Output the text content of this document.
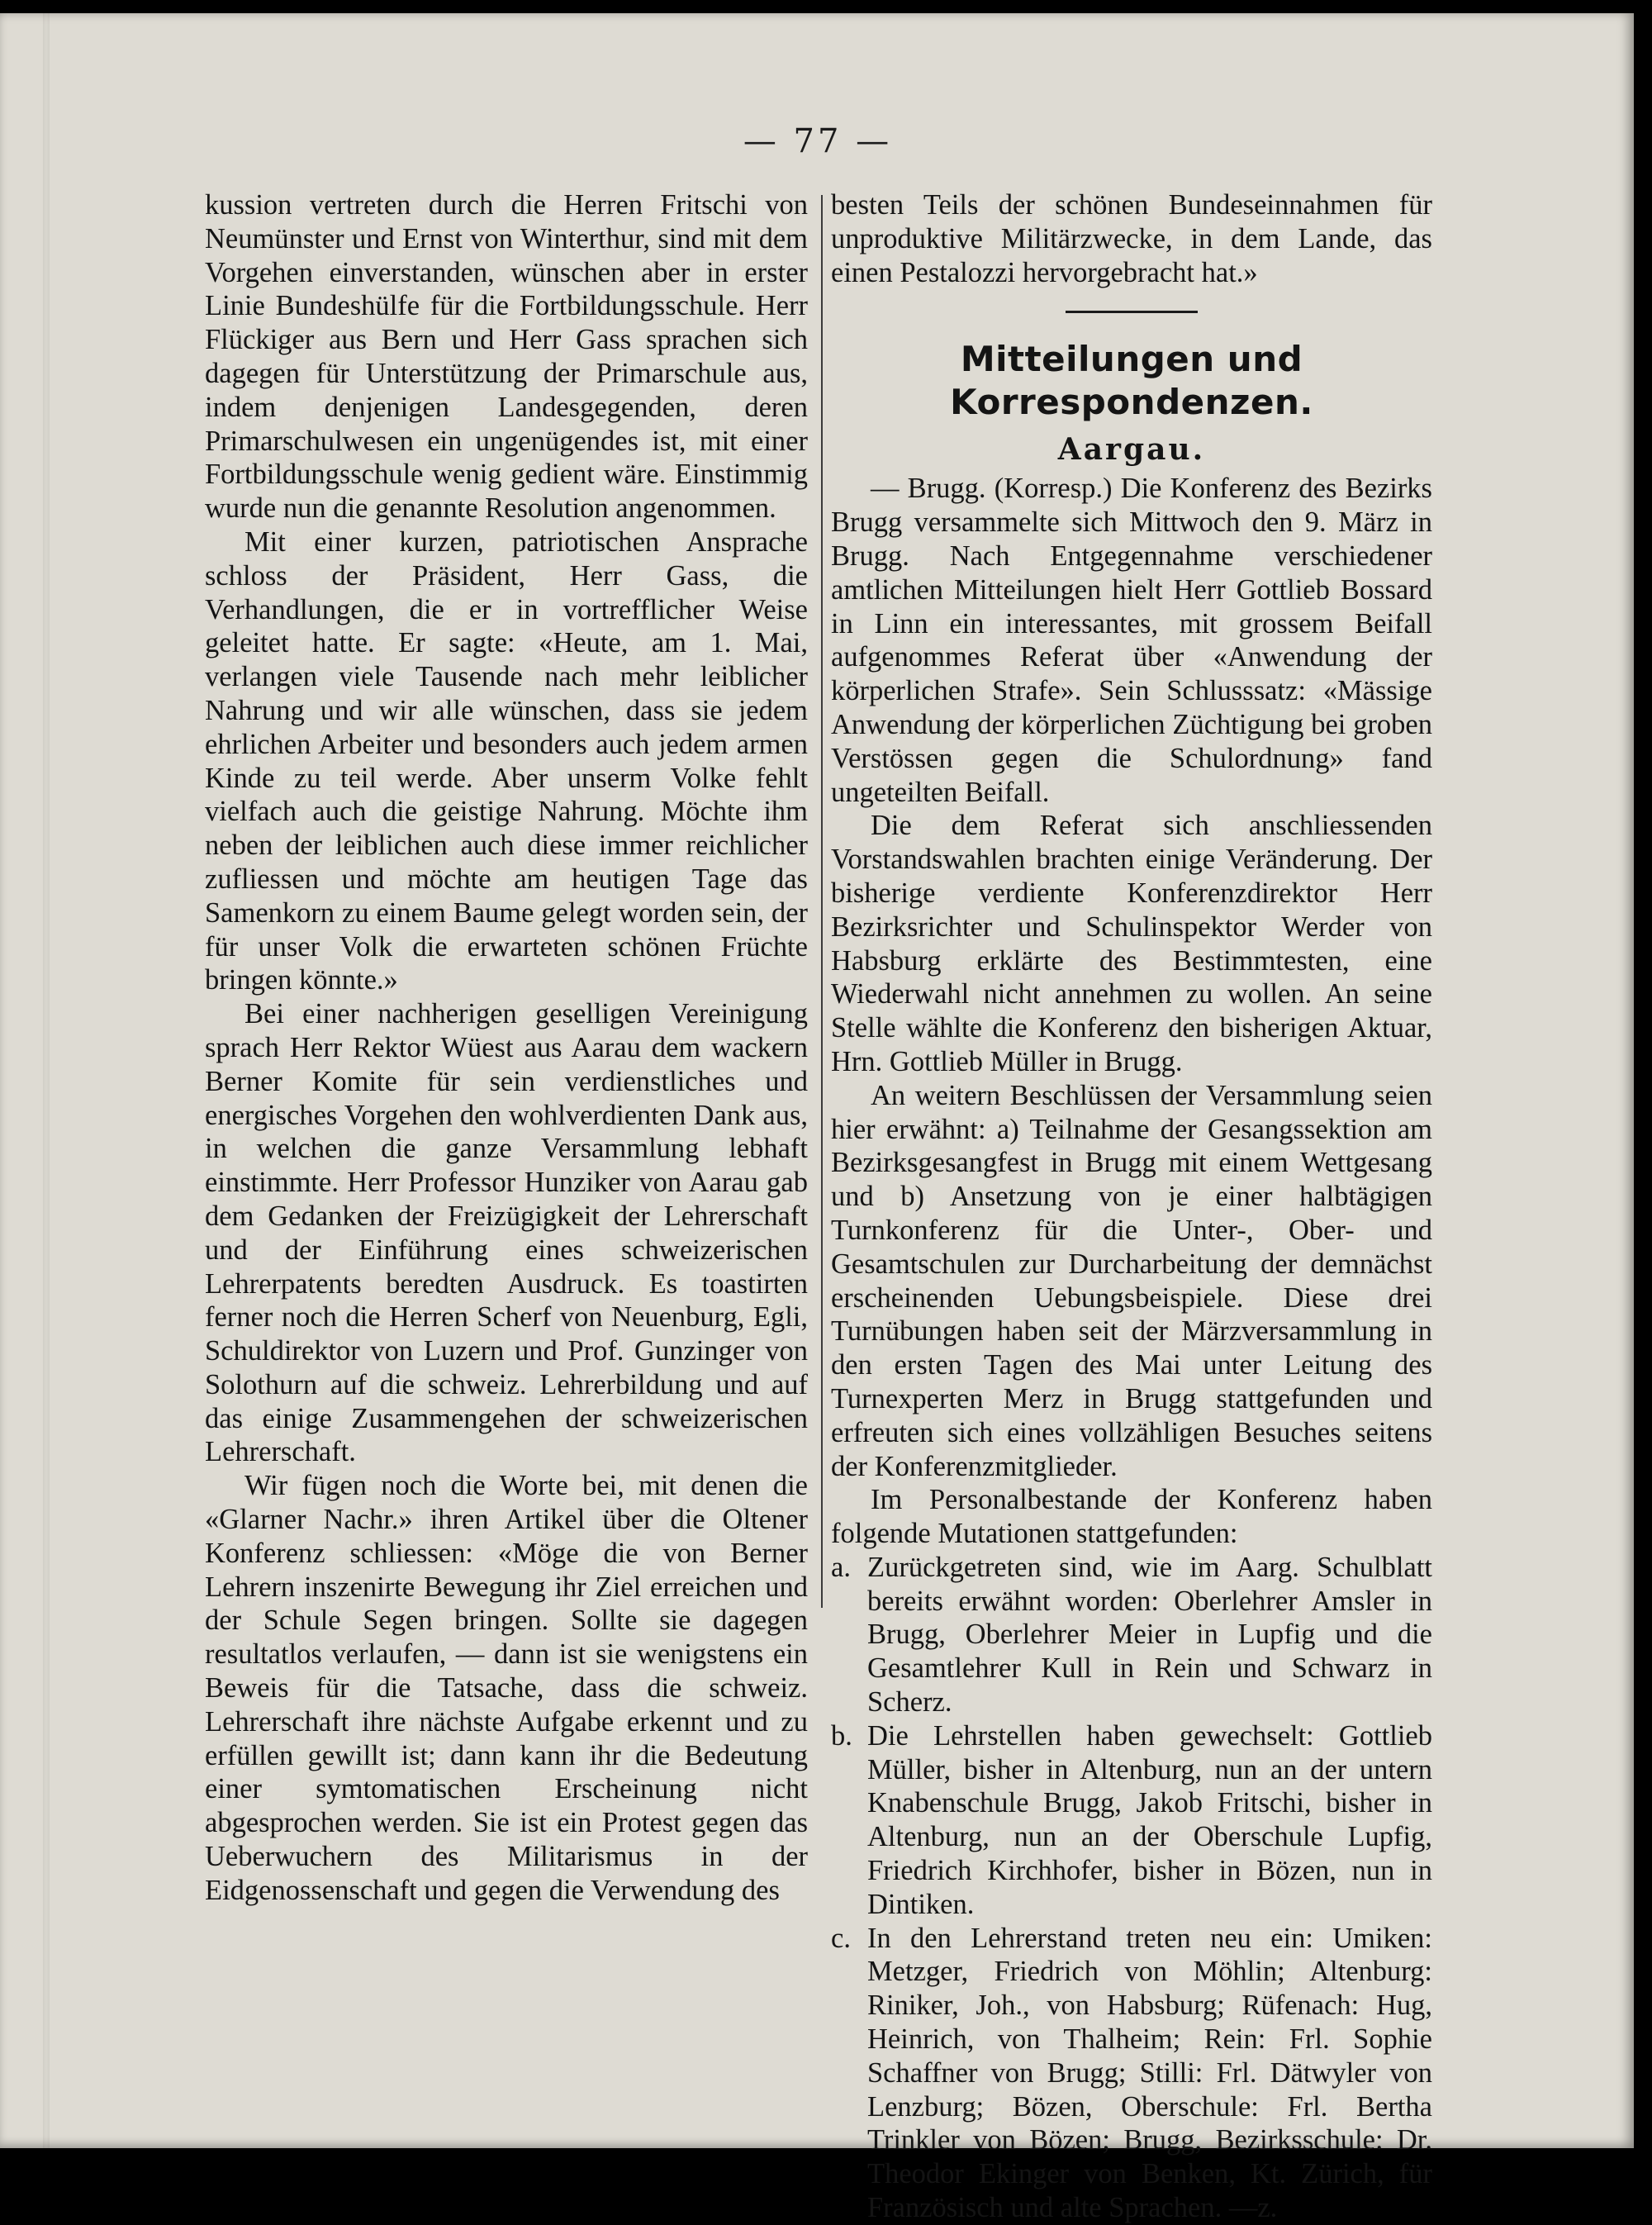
— 77 —

kussion vertreten durch die Herren Fritschi von Neumünster und Ernst von Winterthur, sind mit dem Vorgehen einverstanden, wünschen aber in erster Linie Bundeshülfe für die Fortbildungsschule. Herr Flückiger aus Bern und Herr Gass sprachen sich dagegen für Unterstützung der Primarschule aus, indem denjenigen Landesgegenden, deren Primarschulwesen ein ungenügendes ist, mit einer Fortbildungsschule wenig gedient wäre. Einstimmig wurde nun die genannte Resolution angenommen.

Mit einer kurzen, patriotischen Ansprache schloss der Präsident, Herr Gass, die Verhandlungen, die er in vortrefflicher Weise geleitet hatte. Er sagte: «Heute, am 1. Mai, verlangen viele Tausende nach mehr leiblicher Nahrung und wir alle wünschen, dass sie jedem ehrlichen Arbeiter und besonders auch jedem armen Kinde zu teil werde. Aber unserm Volke fehlt vielfach auch die geistige Nahrung. Möchte ihm neben der leiblichen auch diese immer reichlicher zufliessen und möchte am heutigen Tage das Samenkorn zu einem Baume gelegt worden sein, der für unser Volk die erwarteten schönen Früchte bringen könnte.»

Bei einer nachherigen geselligen Vereinigung sprach Herr Rektor Wüest aus Aarau dem wackern Berner Komite für sein verdienstliches und energisches Vorgehen den wohlverdienten Dank aus, in welchen die ganze Versammlung lebhaft einstimmte. Herr Professor Hunziker von Aarau gab dem Gedanken der Freizügigkeit der Lehrerschaft und der Einführung eines schweizerischen Lehrerpatents beredten Ausdruck. Es toastirten ferner noch die Herren Scherf von Neuenburg, Egli, Schuldirektor von Luzern und Prof. Gunzinger von Solothurn auf die schweiz. Lehrerbildung und auf das einige Zusammengehen der schweizerischen Lehrerschaft.

Wir fügen noch die Worte bei, mit denen die «Glarner Nachr.» ihren Artikel über die Oltener Konferenz schliessen: «Möge die von Berner Lehrern inszenirte Bewegung ihr Ziel erreichen und der Schule Segen bringen. Sollte sie dagegen resultatlos verlaufen, — dann ist sie wenigstens ein Beweis für die Tatsache, dass die schweiz. Lehrerschaft ihre nächste Aufgabe erkennt und zu erfüllen gewillt ist; dann kann ihr die Bedeutung einer symtomatischen Erscheinung nicht abgesprochen werden. Sie ist ein Protest gegen das Ueberwuchern des Militarismus in der Eidgenossenschaft und gegen die Verwendung des

besten Teils der schönen Bundeseinnahmen für unproduktive Militärzwecke, in dem Lande, das einen Pestalozzi hervorgebracht hat.»

Mitteilungen und Korrespondenzen.
Aargau.

— Brugg. (Korresp.) Die Konferenz des Bezirks Brugg versammelte sich Mittwoch den 9. März in Brugg. Nach Entgegennahme verschiedener amtlichen Mitteilungen hielt Herr Gottlieb Bossard in Linn ein interessantes, mit grossem Beifall aufgenommes Referat über «Anwendung der körperlichen Strafe». Sein Schlusssatz: «Mässige Anwendung der körperlichen Züchtigung bei groben Verstössen gegen die Schulordnung» fand ungeteilten Beifall.

Die dem Referat sich anschliessenden Vorstandswahlen brachten einige Veränderung. Der bisherige verdiente Konferenzdirektor Herr Bezirksrichter und Schulinspektor Werder von Habsburg erklärte des Bestimmtesten, eine Wiederwahl nicht annehmen zu wollen. An seine Stelle wählte die Konferenz den bisherigen Aktuar, Hrn. Gottlieb Müller in Brugg.

An weitern Beschlüssen der Versammlung seien hier erwähnt: a) Teilnahme der Gesangssektion am Bezirksgesangfest in Brugg mit einem Wettgesang und b) Ansetzung von je einer halbtägigen Turnkonferenz für die Unter-, Ober- und Gesamtschulen zur Durcharbeitung der demnächst erscheinenden Uebungsbeispiele. Diese drei Turnübungen haben seit der Märzversammlung in den ersten Tagen des Mai unter Leitung des Turnexperten Merz in Brugg stattgefunden und erfreuten sich eines vollzähligen Besuches seitens der Konferenzmitglieder.

Im Personalbestande der Konferenz haben folgende Mutationen stattgefunden:

a. Zurückgetreten sind, wie im Aarg. Schulblatt bereits erwähnt worden: Oberlehrer Amsler in Brugg, Oberlehrer Meier in Lupfig und die Gesamtlehrer Kull in Rein und Schwarz in Scherz.
b. Die Lehrstellen haben gewechselt: Gottlieb Müller, bisher in Altenburg, nun an der untern Knabenschule Brugg, Jakob Fritschi, bisher in Altenburg, nun an der Oberschule Lupfig, Friedrich Kirchhofer, bisher in Bözen, nun in Dintiken.
c. In den Lehrerstand treten neu ein: Umiken: Metzger, Friedrich von Möhlin; Altenburg: Riniker, Joh., von Habsburg; Rüfenach: Hug, Heinrich, von Thalheim; Rein: Frl. Sophie Schaffner von Brugg; Stilli: Frl. Dätwyler von Lenzburg; Bözen, Oberschule: Frl. Bertha Trinkler von Bözen; Brugg, Bezirksschule: Dr. Theodor Ekinger von Benken, Kt. Zürich, für Französisch und alte Sprachen. —z.
